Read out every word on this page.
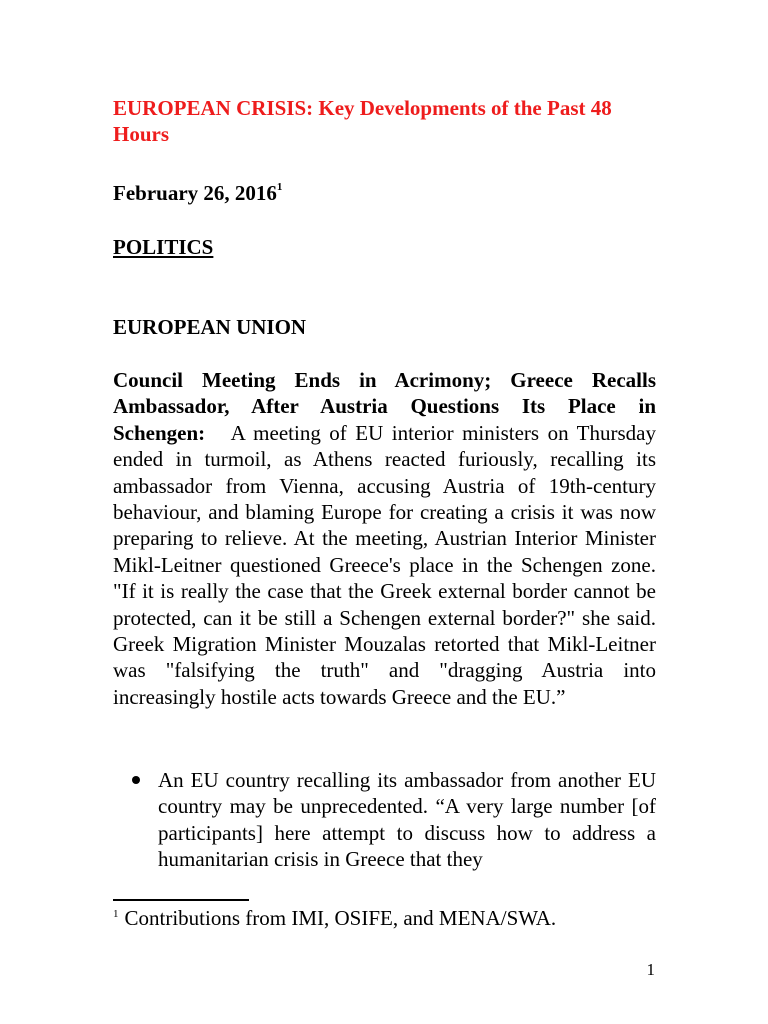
EUROPEAN CRISIS: Key Developments of the Past 48 Hours

February 26, 2016$^1$

POLITICS
EUROPEAN UNION

Council Meeting Ends in Acrimony; Greece Recalls Ambassador, After Austria Questions Its Place in Schengen: A meeting of EU interior ministers on Thursday ended in turmoil, as Athens reacted furiously, recalling its ambassador from Vienna, accusing Austria of 19th-century behaviour, and blaming Europe for creating a crisis it was now preparing to relieve. At the meeting, Austrian Interior Minister Mikl-Leitner questioned Greece's place in the Schengen zone. "If it is really the case that the Greek external border cannot be protected, can it be still a Schengen external border?" she said. Greek Migration Minister Mouzalas retorted that Mikl-Leitner was "falsifying the truth" and "dragging Austria into increasingly hostile acts towards Greece and the EU.”

An EU country recalling its ambassador from another EU country may be unprecedented. “A very large number [of participants] here attempt to discuss how to address a humanitarian crisis in Greece that they

$^1$ Contributions from IMI, OSIFE, and MENA/SWA.

1
